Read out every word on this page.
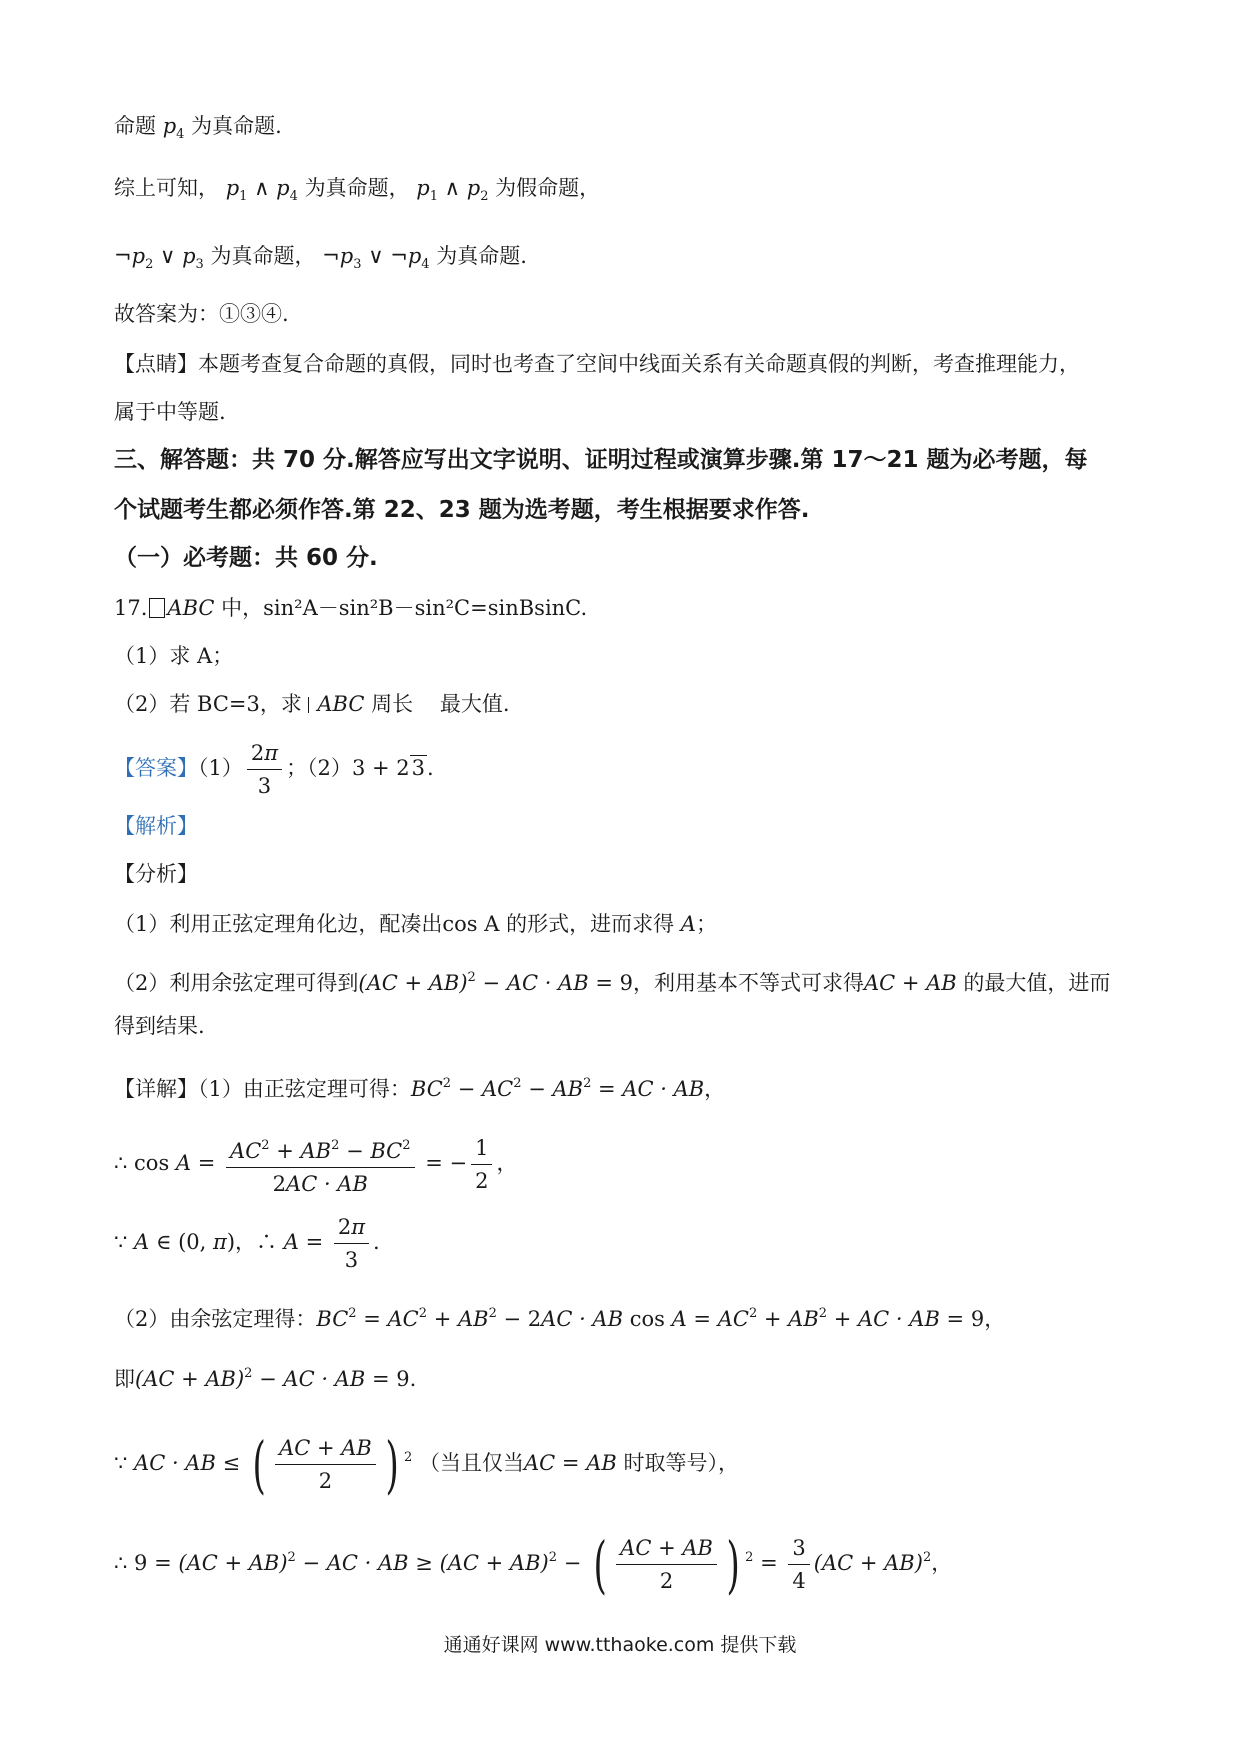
命题 $p_4$ 为真命题.
综上可知， $p_1$ ∧ $p_4$ 为真命题， $p_1$ ∧ $p_2$ 为假命题，
$\neg p_2$ ∨ $p_3$ 为真命题， $\neg p_3$ ∨ $\neg p_4$ 为真命题.
故答案为：①③④.
【点睛】本题考查复合命题的真假，同时也考查了空间中线面关系有关命题真假的判断，考查推理能力，
属于中等题.
三、解答题：共 70 分.解答应写出文字说明、证明过程或演算步骤.第 17～21 题为必考题，每
个试题考生都必须作答.第 22、23 题为选考题，考生根据要求作答.
（一）必考题：共 60 分.
17. ABC 中，sin²A－sin²B－sin²C=sinBsinC.
（1）求 A；
（2）若 BC=3，求 ABC 周长 最大值.
【答案】$(1) \frac{2\pi}{3}$ ；（2）3 + 23.
【解析】
【分析】
（1）利用正弦定理角化边，配凑出cos A 的形式，进而求得 A；
（2）利用余弦定理可得到(AC + AB)$^2$ − AC · AB = 9，利用基本不等式可求得AC + AB 的最大值，进而
得到结果.
【详解】（1）由正弦定理可得：$BC^2 - AC^2 - AB^2$ = AC · AB，
∴ $\cos A = \frac{AC^2 + AB^2 - BC^2}{2AC \cdot AB}$ = − $\frac{1}{2}$ ，
∵ A ∈ (0, π)，∴ $A = \frac{2\pi}{3}$ .
（2）由余弦定理得：$BC^2 = AC^2 + AB^2 - 2AC$ · AB $\cos A = AC^2 + AB^2$ + AC · AB = 9，
即(AC + AB)$^2$ − AC · AB = 9.
∵ AC · AB ≤ ( $\frac{AC + AB}{2}$ ) $^2$ （当且仅当AC = AB 时取等号），
∴ 9 = (AC + AB)$^2$ − AC · AB ≥ (AC + AB)$^2$ − ( $\frac{AC + AB}{2}$ ) $^2 = \frac{3}{4} (AC + AB)^2$，
通通好课网 www.tthaoke.com 提供下载
